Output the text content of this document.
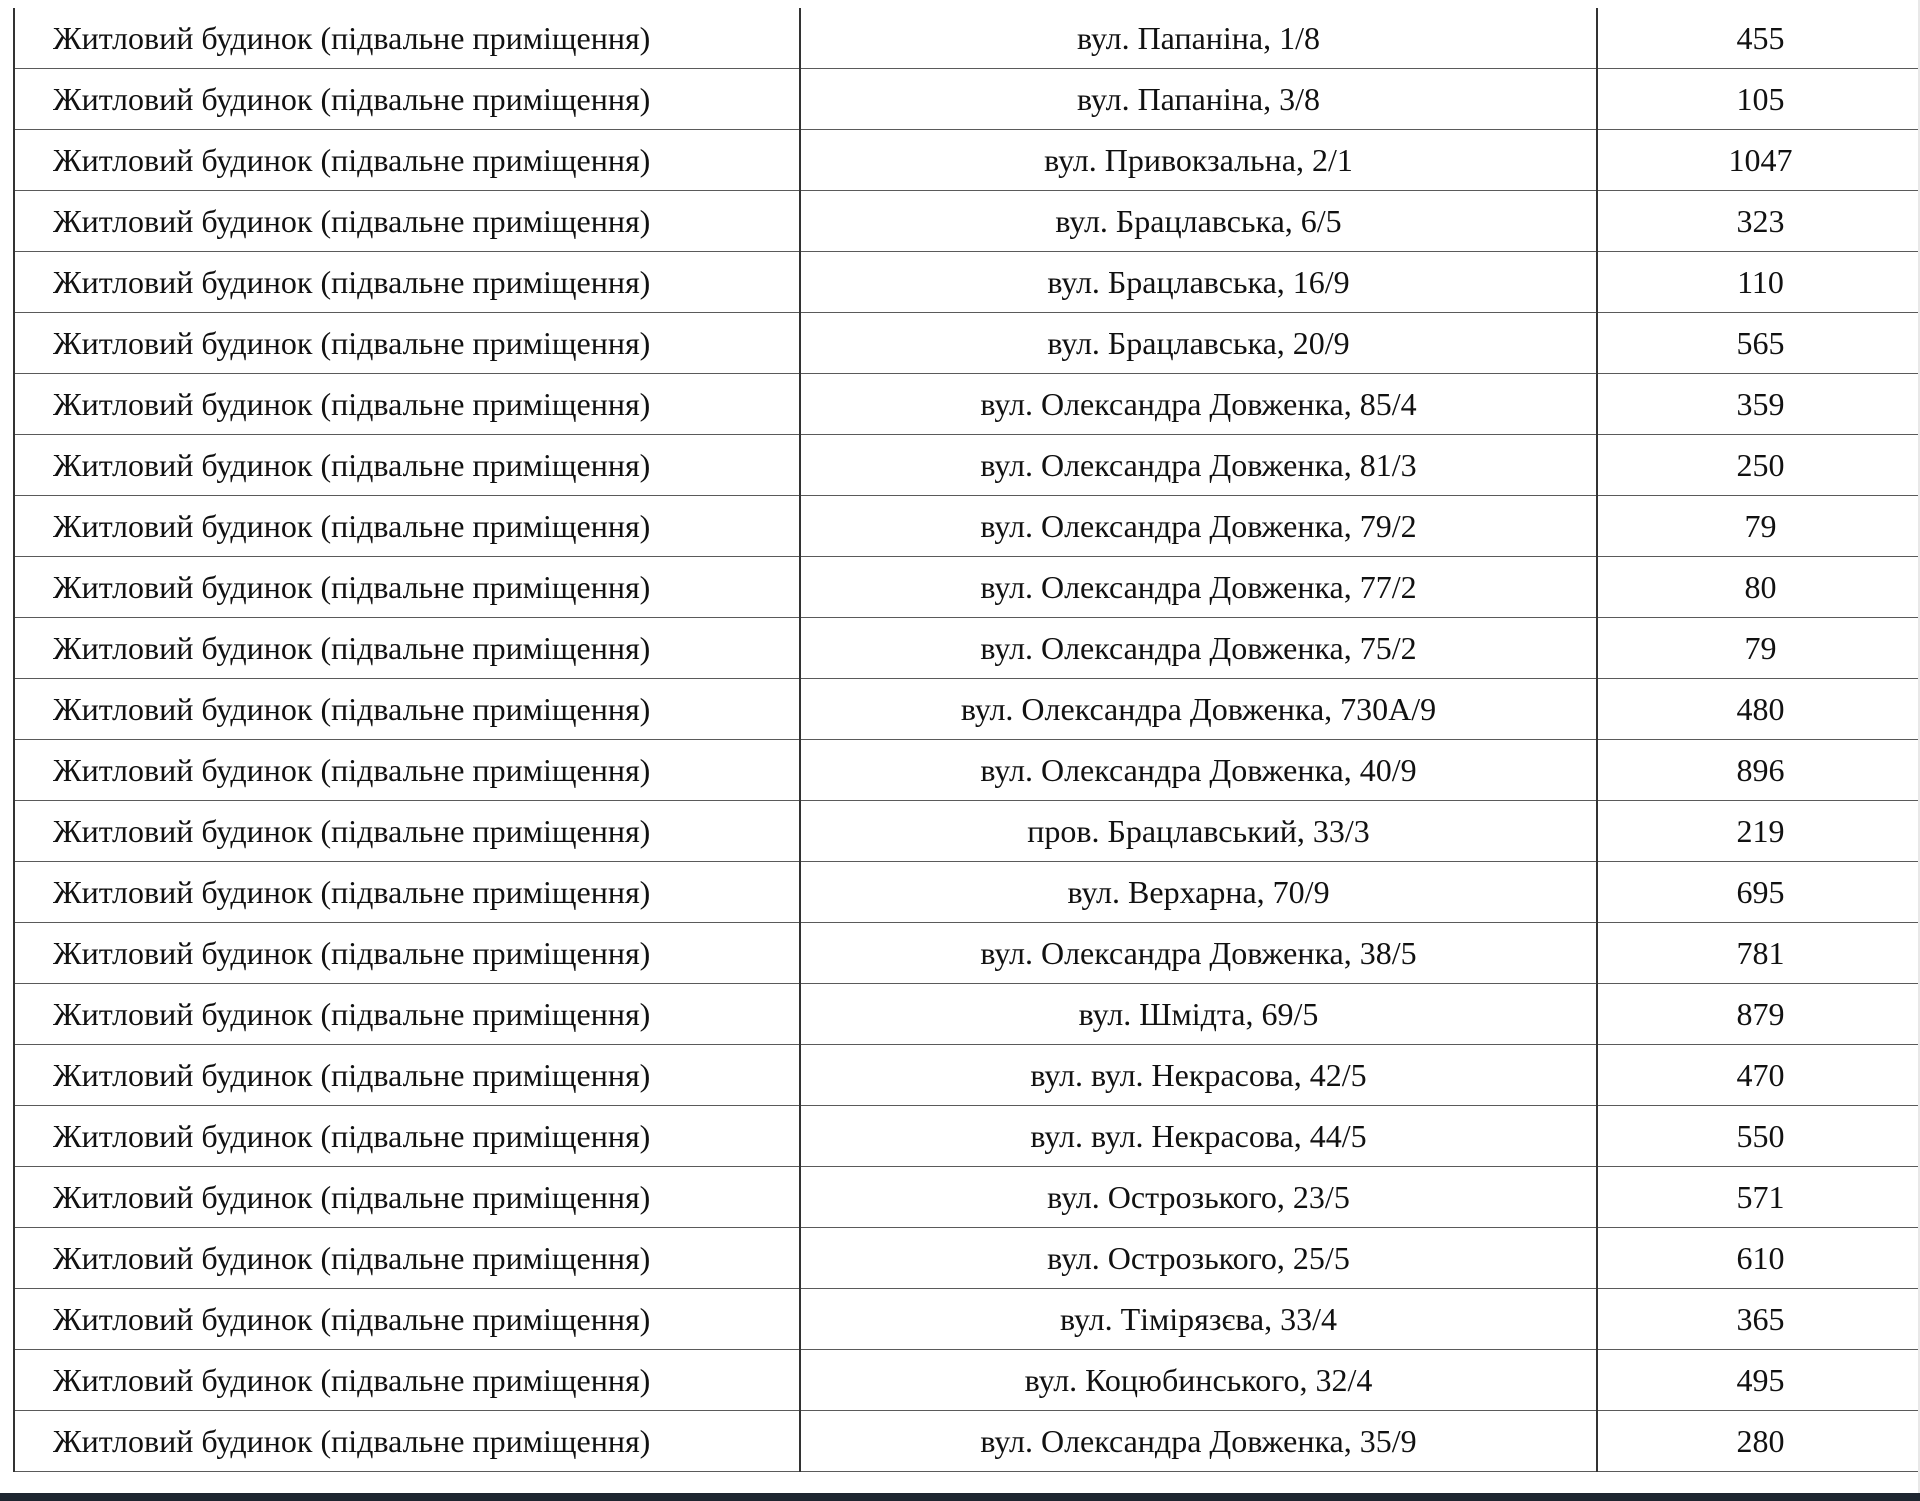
Житловий будинок (підвальне приміщення)	вул. Папаніна, 1/8	455
Житловий будинок (підвальне приміщення)	вул. Папаніна, 3/8	105
Житловий будинок (підвальне приміщення)	вул. Привокзальна, 2/1	1047
Житловий будинок (підвальне приміщення)	вул. Брацлавська, 6/5	323
Житловий будинок (підвальне приміщення)	вул. Брацлавська, 16/9	110
Житловий будинок (підвальне приміщення)	вул. Брацлавська, 20/9	565
Житловий будинок (підвальне приміщення)	вул. Олександра Довженка, 85/4	359
Житловий будинок (підвальне приміщення)	вул. Олександра Довженка, 81/3	250
Житловий будинок (підвальне приміщення)	вул. Олександра Довженка, 79/2	79
Житловий будинок (підвальне приміщення)	вул. Олександра Довженка, 77/2	80
Житловий будинок (підвальне приміщення)	вул. Олександра Довженка, 75/2	79
Житловий будинок (підвальне приміщення)	вул. Олександра Довженка, 730А/9	480
Житловий будинок (підвальне приміщення)	вул. Олександра Довженка, 40/9	896
Житловий будинок (підвальне приміщення)	пров. Брацлавський, 33/3	219
Житловий будинок (підвальне приміщення)	вул. Верхарна, 70/9	695
Житловий будинок (підвальне приміщення)	вул. Олександра Довженка, 38/5	781
Житловий будинок (підвальне приміщення)	вул. Шмідта, 69/5	879
Житловий будинок (підвальне приміщення)	вул. вул. Некрасова, 42/5	470
Житловий будинок (підвальне приміщення)	вул. вул. Некрасова, 44/5	550
Житловий будинок (підвальне приміщення)	вул. Острозького, 23/5	571
Житловий будинок (підвальне приміщення)	вул. Острозького, 25/5	610
Житловий будинок (підвальне приміщення)	вул. Тімірязєва, 33/4	365
Житловий будинок (підвальне приміщення)	вул. Коцюбинського, 32/4	495
Житловий будинок (підвальне приміщення)	вул. Олександра Довженка, 35/9	280
